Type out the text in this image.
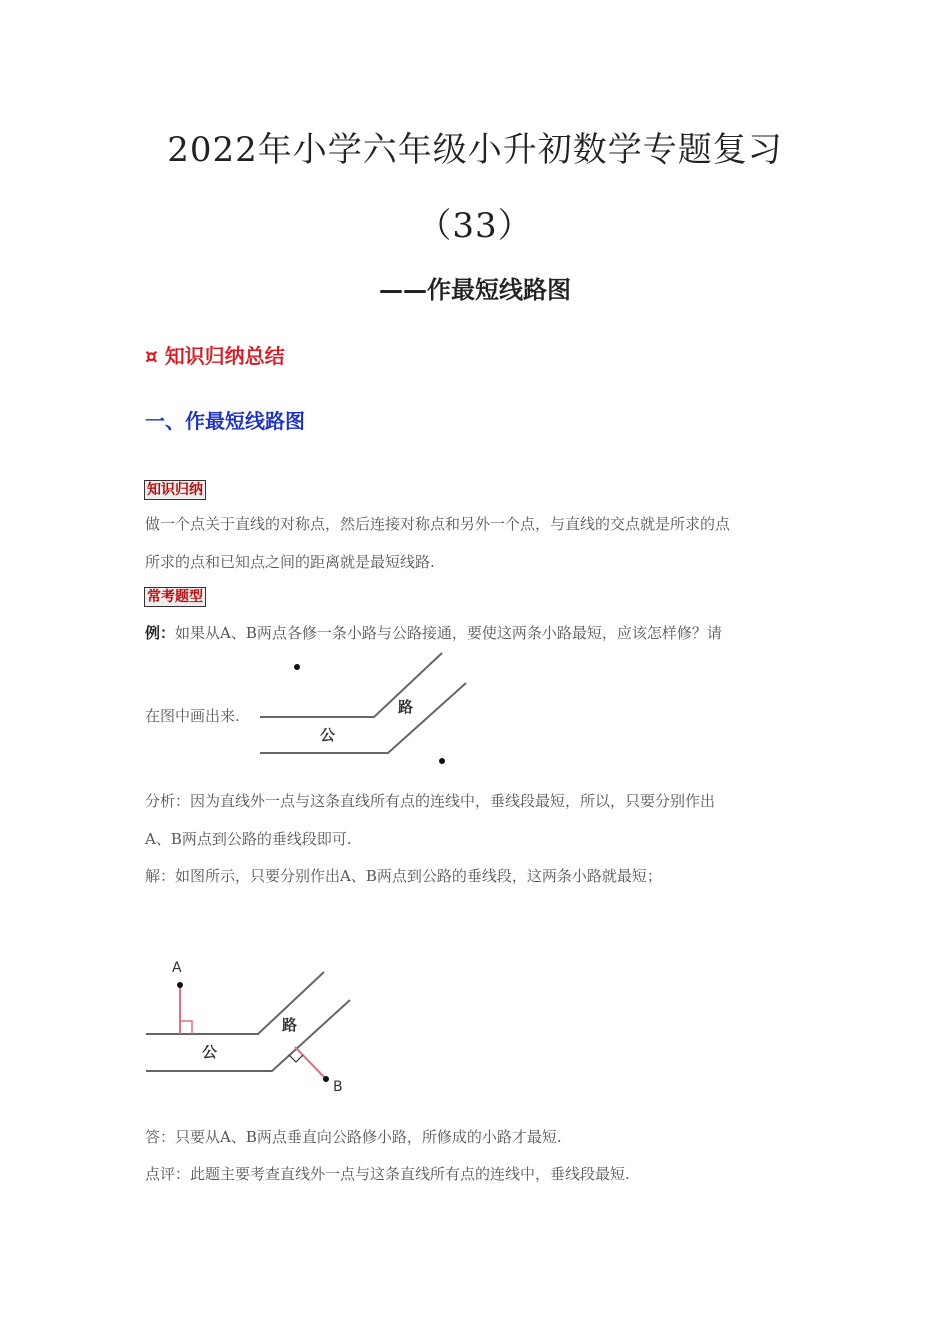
2022年小学六年级小升初数学专题复习
（33）
——作最短线路图
¤ 知识归纳总结
一、作最短线路图
知识归纳
做一个点关于直线的对称点，然后连接对称点和另外一个点，与直线的交点就是所求的点
所求的点和已知点之间的距离就是最短线路.
常考题型
例：如果从A、B两点各修一条小路与公路接通，要使这两条小路最短，应该怎样修？请
在图中画出来.	路
公
分析：因为直线外一点与这条直线所有点的连线中，垂线段最短，所以，只要分别作出
A、B两点到公路的垂线段即可.
解：如图所示，只要分别作出A、B两点到公路的垂线段，这两条小路就最短；
A
B
路
公
答：只要从A、B两点垂直向公路修小路，所修成的小路才最短.
点评：此题主要考查直线外一点与这条直线所有点的连线中，垂线段最短.
